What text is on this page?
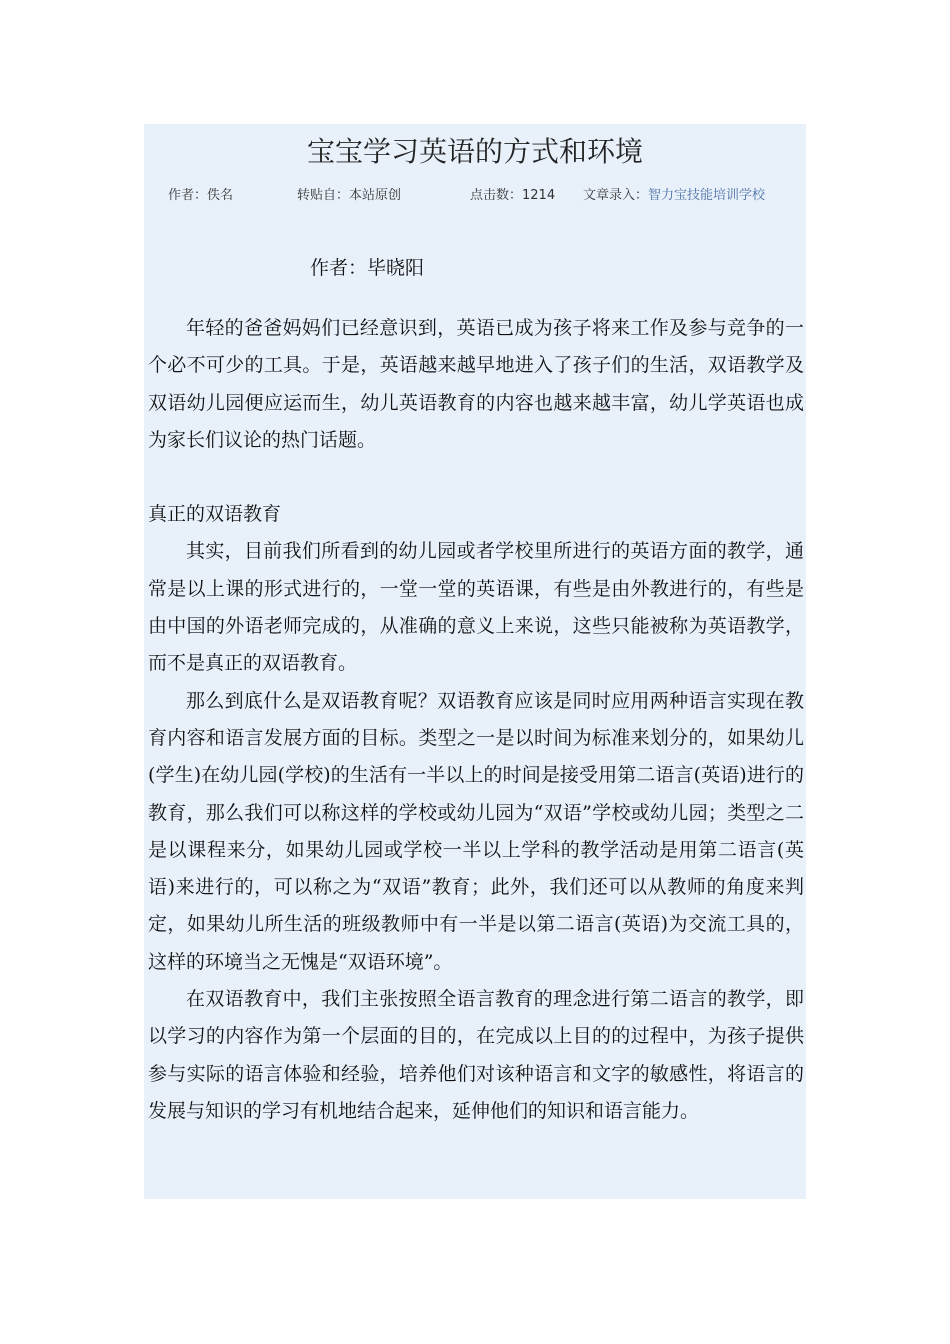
宝宝学习英语的方式和环境
作者：佚名	转贴自：本站原创	点击数：1214 文章录入：智力宝技能培训学校
作者：毕晓阳

年轻的爸爸妈妈们已经意识到，英语已成为孩子将来工作及参与竞争的一个必不可少的工具。于是，英语越来越早地进入了孩子们的生活，双语教学及双语幼儿园便应运而生，幼儿英语教育的内容也越来越丰富，幼儿学英语也成为家长们议论的热门话题。

真正的双语教育

其实，目前我们所看到的幼儿园或者学校里所进行的英语方面的教学，通常是以上课的形式进行的，一堂一堂的英语课，有些是由外教进行的，有些是由中国的外语老师完成的，从准确的意义上来说，这些只能被称为英语教学，而不是真正的双语教育。

那么到底什么是双语教育呢？双语教育应该是同时应用两种语言实现在教育内容和语言发展方面的目标。类型之一是以时间为标准来划分的，如果幼儿(学生)在幼儿园(学校)的生活有一半以上的时间是接受用第二语言(英语)进行的教育，那么我们可以称这样的学校或幼儿园为“双语”学校或幼儿园；类型之二是以课程来分，如果幼儿园或学校一半以上学科的教学活动是用第二语言(英语)来进行的，可以称之为“双语”教育；此外，我们还可以从教师的角度来判定，如果幼儿所生活的班级教师中有一半是以第二语言(英语)为交流工具的，这样的环境当之无愧是“双语环境”。

在双语教育中，我们主张按照全语言教育的理念进行第二语言的教学，即以学习的内容作为第一个层面的目的，在完成以上目的的过程中，为孩子提供参与实际的语言体验和经验，培养他们对该种语言和文字的敏感性，将语言的发展与知识的学习有机地结合起来，延伸他们的知识和语言能力。
